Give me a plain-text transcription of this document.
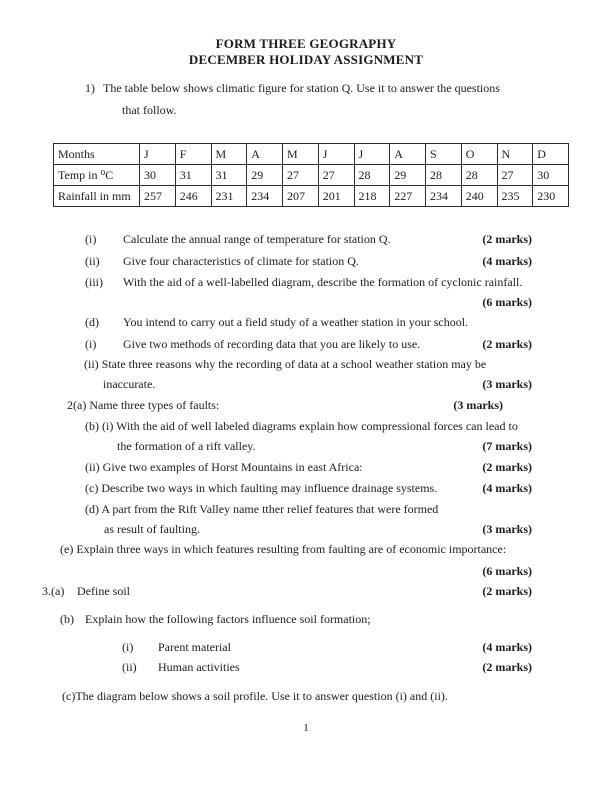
FORM THREE GEOGRAPHY
DECEMBER HOLIDAY ASSIGNMENT
1) The table below shows climatic figure for station Q. Use it to answer the questions
that follow.
Months	J	F	M	A	M	J	J	A	S	O	N	D
Temp in ⁰C	30	31	31	29	27	27	28	29	28	28	27	30
Rainfall in mm	257	246	231	234	207	201	218	227	234	240	235	230
(i) Calculate the annual range of temperature for station Q.	(2 marks)
(ii) Give four characteristics of climate for station Q.	(4 marks)
(iii) With the aid of a well-labelled diagram, describe the formation of cyclonic rainfall.
(6 marks)
(d) You intend to carry out a field study of a weather station in your school.
(i) Give two methods of recording data that you are likely to use.	(2 marks)
(ii) State three reasons why the recording of data at a school weather station may be
inaccurate.	(3 marks)
2(a) Name three types of faults:	(3 marks)
(b) (i) With the aid of well labeled diagrams explain how compressional forces can lead to
the formation of a rift valley.	(7 marks)
(ii) Give two examples of Horst Mountains in east Africa:	(2 marks)
(c) Describe two ways in which faulting may influence drainage systems.	(4 marks)
(d) A part from the Rift Valley name tther relief features that were formed
as result of faulting.	(3 marks)
(e) Explain three ways in which features resulting from faulting are of economic importance:
(6 marks)
3.(a) Define soil	(2 marks)
(b) Explain how the following factors influence soil formation;
(i) Parent material	(4 marks)
(ii) Human activities	(2 marks)
(c)The diagram below shows a soil profile. Use it to answer question (i) and (ii).
1
